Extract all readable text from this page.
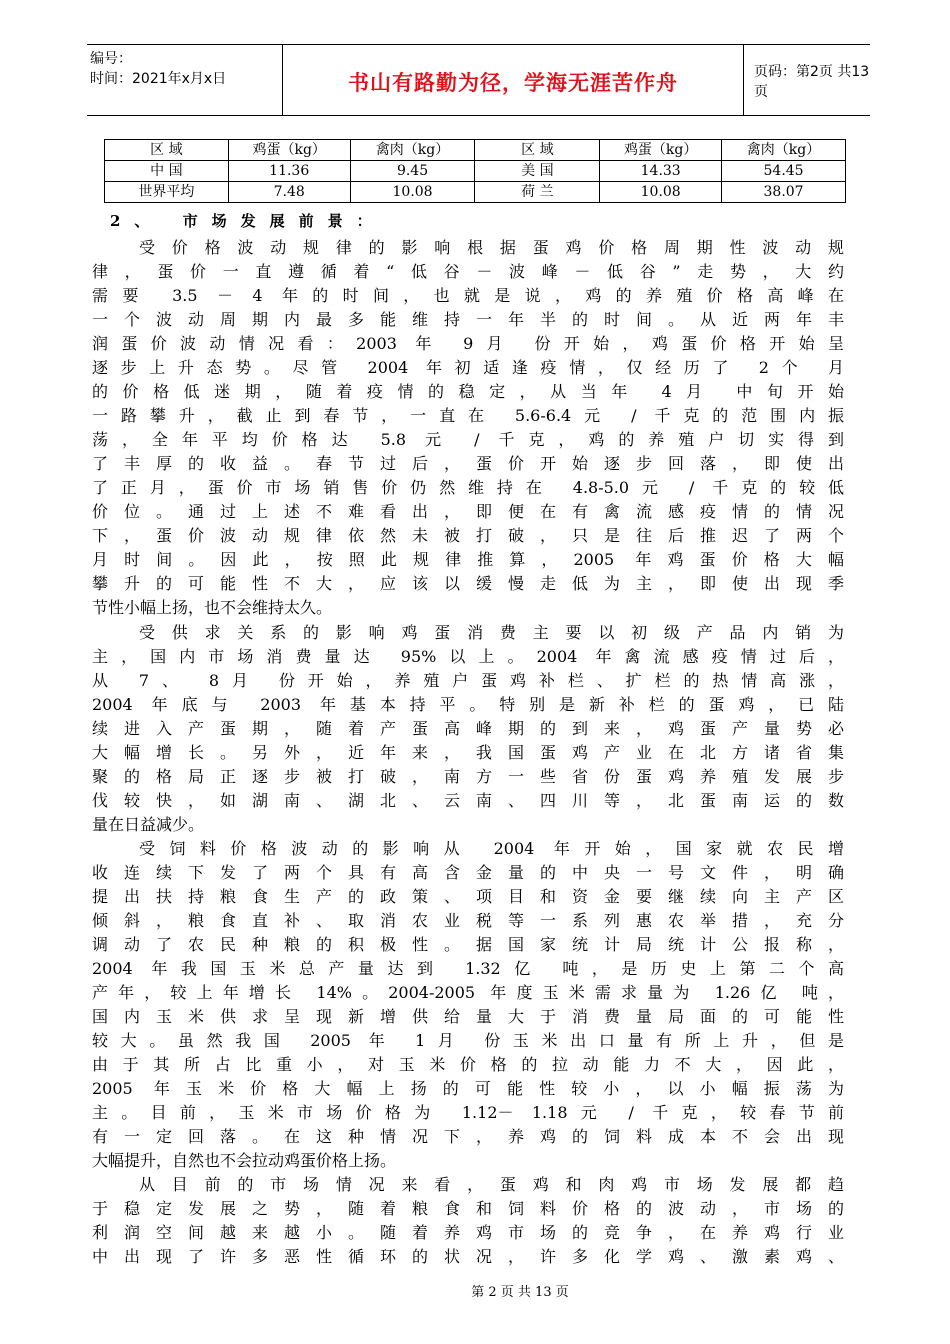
编号：
时间：2021年x月x日	书山有路勤为径，学海无涯苦作舟	页码：第2页 共13页
区 域	鸡蛋（kg）	禽肉（kg）	区 域	鸡蛋（kg）	禽肉（kg）
中 国	11.36	9.45	美 国	14.33	54.45
世界平均	7.48	10.08	荷 兰	10.08	38.07
2、 市场发展前景：
受价格波动规律的影响根据蛋鸡价格周期性波动规
律，蛋价一直遵循着“低谷－波峰－低谷”走势，大约
需要 3.5 － 4 年的时间，也就是说，鸡的养殖价格高峰在
一个波动周期内最多能维持一年半的时间。从近两年丰
润蛋价波动情况看：2003 年 9月 份开始，鸡蛋价格开始呈
逐步上升态势。尽管 2004 年初适逢疫情，仅经历了 2个 月
的价格低迷期，随着疫情的稳定，从当年 4月 中旬开始
一路攀升，截止到春节，一直在 5.6-6.4元 / 千克的范围内振
荡，全年平均价格达 5.8 元 / 千克，鸡的养殖户切实得到
了丰厚的收益。春节过后，蛋价开始逐步回落，即使出
了正月，蛋价市场销售价仍然维持在 4.8-5.0元 / 千克的较低
价位。通过上述不难看出，即便在有禽流感疫情的情况
下，蛋价波动规律依然未被打破，只是往后推迟了两个
月时间。因此，按照此规律推算，2005 年鸡蛋价格大幅
攀升的可能性不大，应该以缓慢走低为主，即使出现季
节性小幅上扬，也不会维持太久。
受供求关系的影响鸡蛋消费主要以初级产品内销为
主，国内市场消费量达 95%以上。2004 年禽流感疫情过后，
从 7、 8月 份开始，养殖户蛋鸡补栏、扩栏的热情高涨，
2004 年底与 2003 年基本持平。特别是新补栏的蛋鸡，已陆
续进入产蛋期，随着产蛋高峰期的到来，鸡蛋产量势必
大幅增长。另外，近年来，我国蛋鸡产业在北方诸省集
聚的格局正逐步被打破，南方一些省份蛋鸡养殖发展步
伐较快，如湖南、湖北、云南、四川等，北蛋南运的数
量在日益减少。
受饲料价格波动的影响从 2004 年开始，国家就农民增
收连续下发了两个具有高含金量的中央一号文件，明确
提出扶持粮食生产的政策、项目和资金要继续向主产区
倾斜，粮食直补、取消农业税等一系列惠农举措，充分
调动了农民种粮的积极性。据国家统计局统计公报称，
2004 年我国玉米总产量达到 1.32亿 吨，是历史上第二个高
产年，较上年增长 14%。2004-2005 年度玉米需求量为 1.26亿 吨，
国内玉米供求呈现新增供给量大于消费量局面的可能性
较大。虽然我国 2005 年 1月 份玉米出口量有所上升，但是
由于其所占比重小，对玉米价格的拉动能力不大，因此，
2005 年玉米价格大幅上扬的可能性较小，以小幅振荡为
主。目前，玉米市场价格为 1.12－ 1.18元 / 千克，较春节前
有一定回落。在这种情况下，养鸡的饲料成本不会出现
大幅提升，自然也不会拉动鸡蛋价格上扬。
从目前的市场情况来看，蛋鸡和肉鸡市场发展都趋
于稳定发展之势，随着粮食和饲料价格的波动，市场的
利润空间越来越小。随着养鸡市场的竞争，在养鸡行业
中出现了许多恶性循环的状况，许多化学鸡、激素鸡、
第 2 页 共 13 页
